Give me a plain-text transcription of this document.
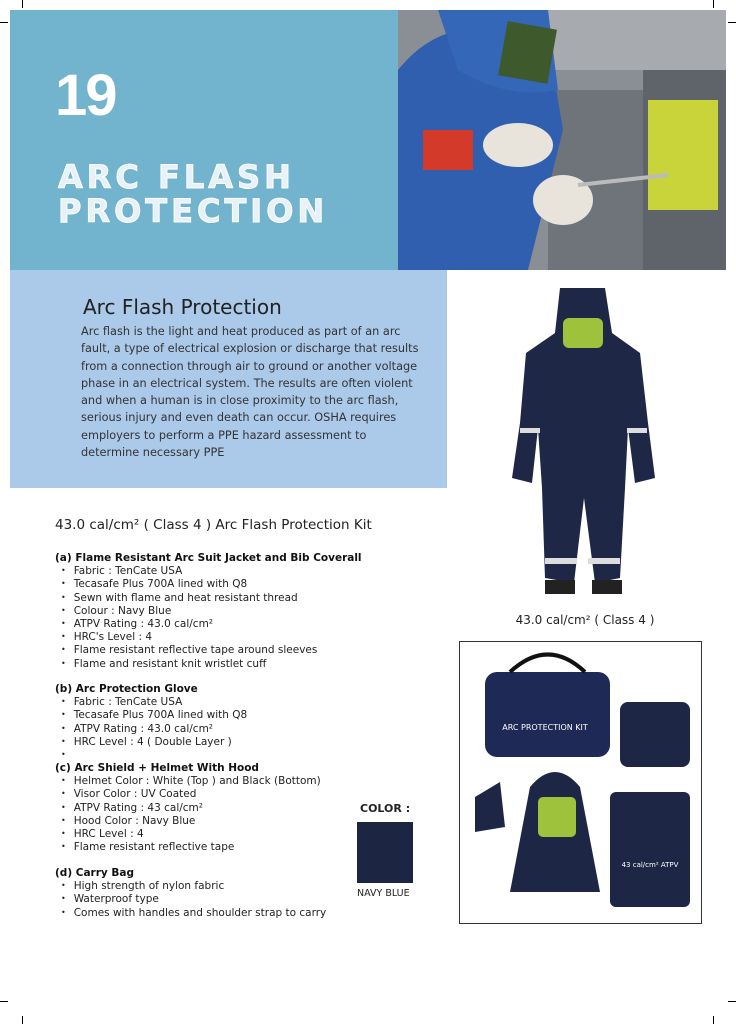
19
ARC FLASH
PROTECTION
Arc Flash Protection

Arc flash is the light and heat produced as part of an arc fault, a type of electrical explosion or discharge that results from a connection through air to ground or another voltage phase in an electrical system. The results are often violent and when a human is in close proximity to the arc flash, serious injury and even death can occur. OSHA requires employers to perform a PPE hazard assessment to determine necessary PPE

43.0 cal/cm² ( Class 4 )
ARC PROTECTION KIT
43 cal/cm² ATPV
43.0 cal/cm² ( Class 4 ) Arc Flash Protection Kit
(a) Flame Resistant Arc Suit Jacket and Bib Coverall
• Fabric : TenCate USA
• Tecasafe Plus 700A lined with Q8
• Sewn with flame and heat resistant thread
• Colour : Navy Blue
• ATPV Rating : 43.0 cal/cm²
• HRC's Level : 4
• Flame resistant reflective tape around sleeves
• Flame and resistant knit wristlet cuff
(b) Arc Protection Glove
• Fabric : TenCate USA
• Tecasafe Plus 700A lined with Q8
• ATPV Rating : 43.0 cal/cm²
• HRC Level : 4 ( Double Layer )
•
(c) Arc Shield + Helmet With Hood
• Helmet Color : White (Top ) and Black (Bottom)
• Visor Color : UV Coated
• ATPV Rating : 43 cal/cm²
• Hood Color : Navy Blue
• HRC Level : 4
• Flame resistant reflective tape
(d) Carry Bag
• High strength of nylon fabric
• Waterproof type
• Comes with handles and shoulder strap to carry
COLOR :
NAVY BLUE
